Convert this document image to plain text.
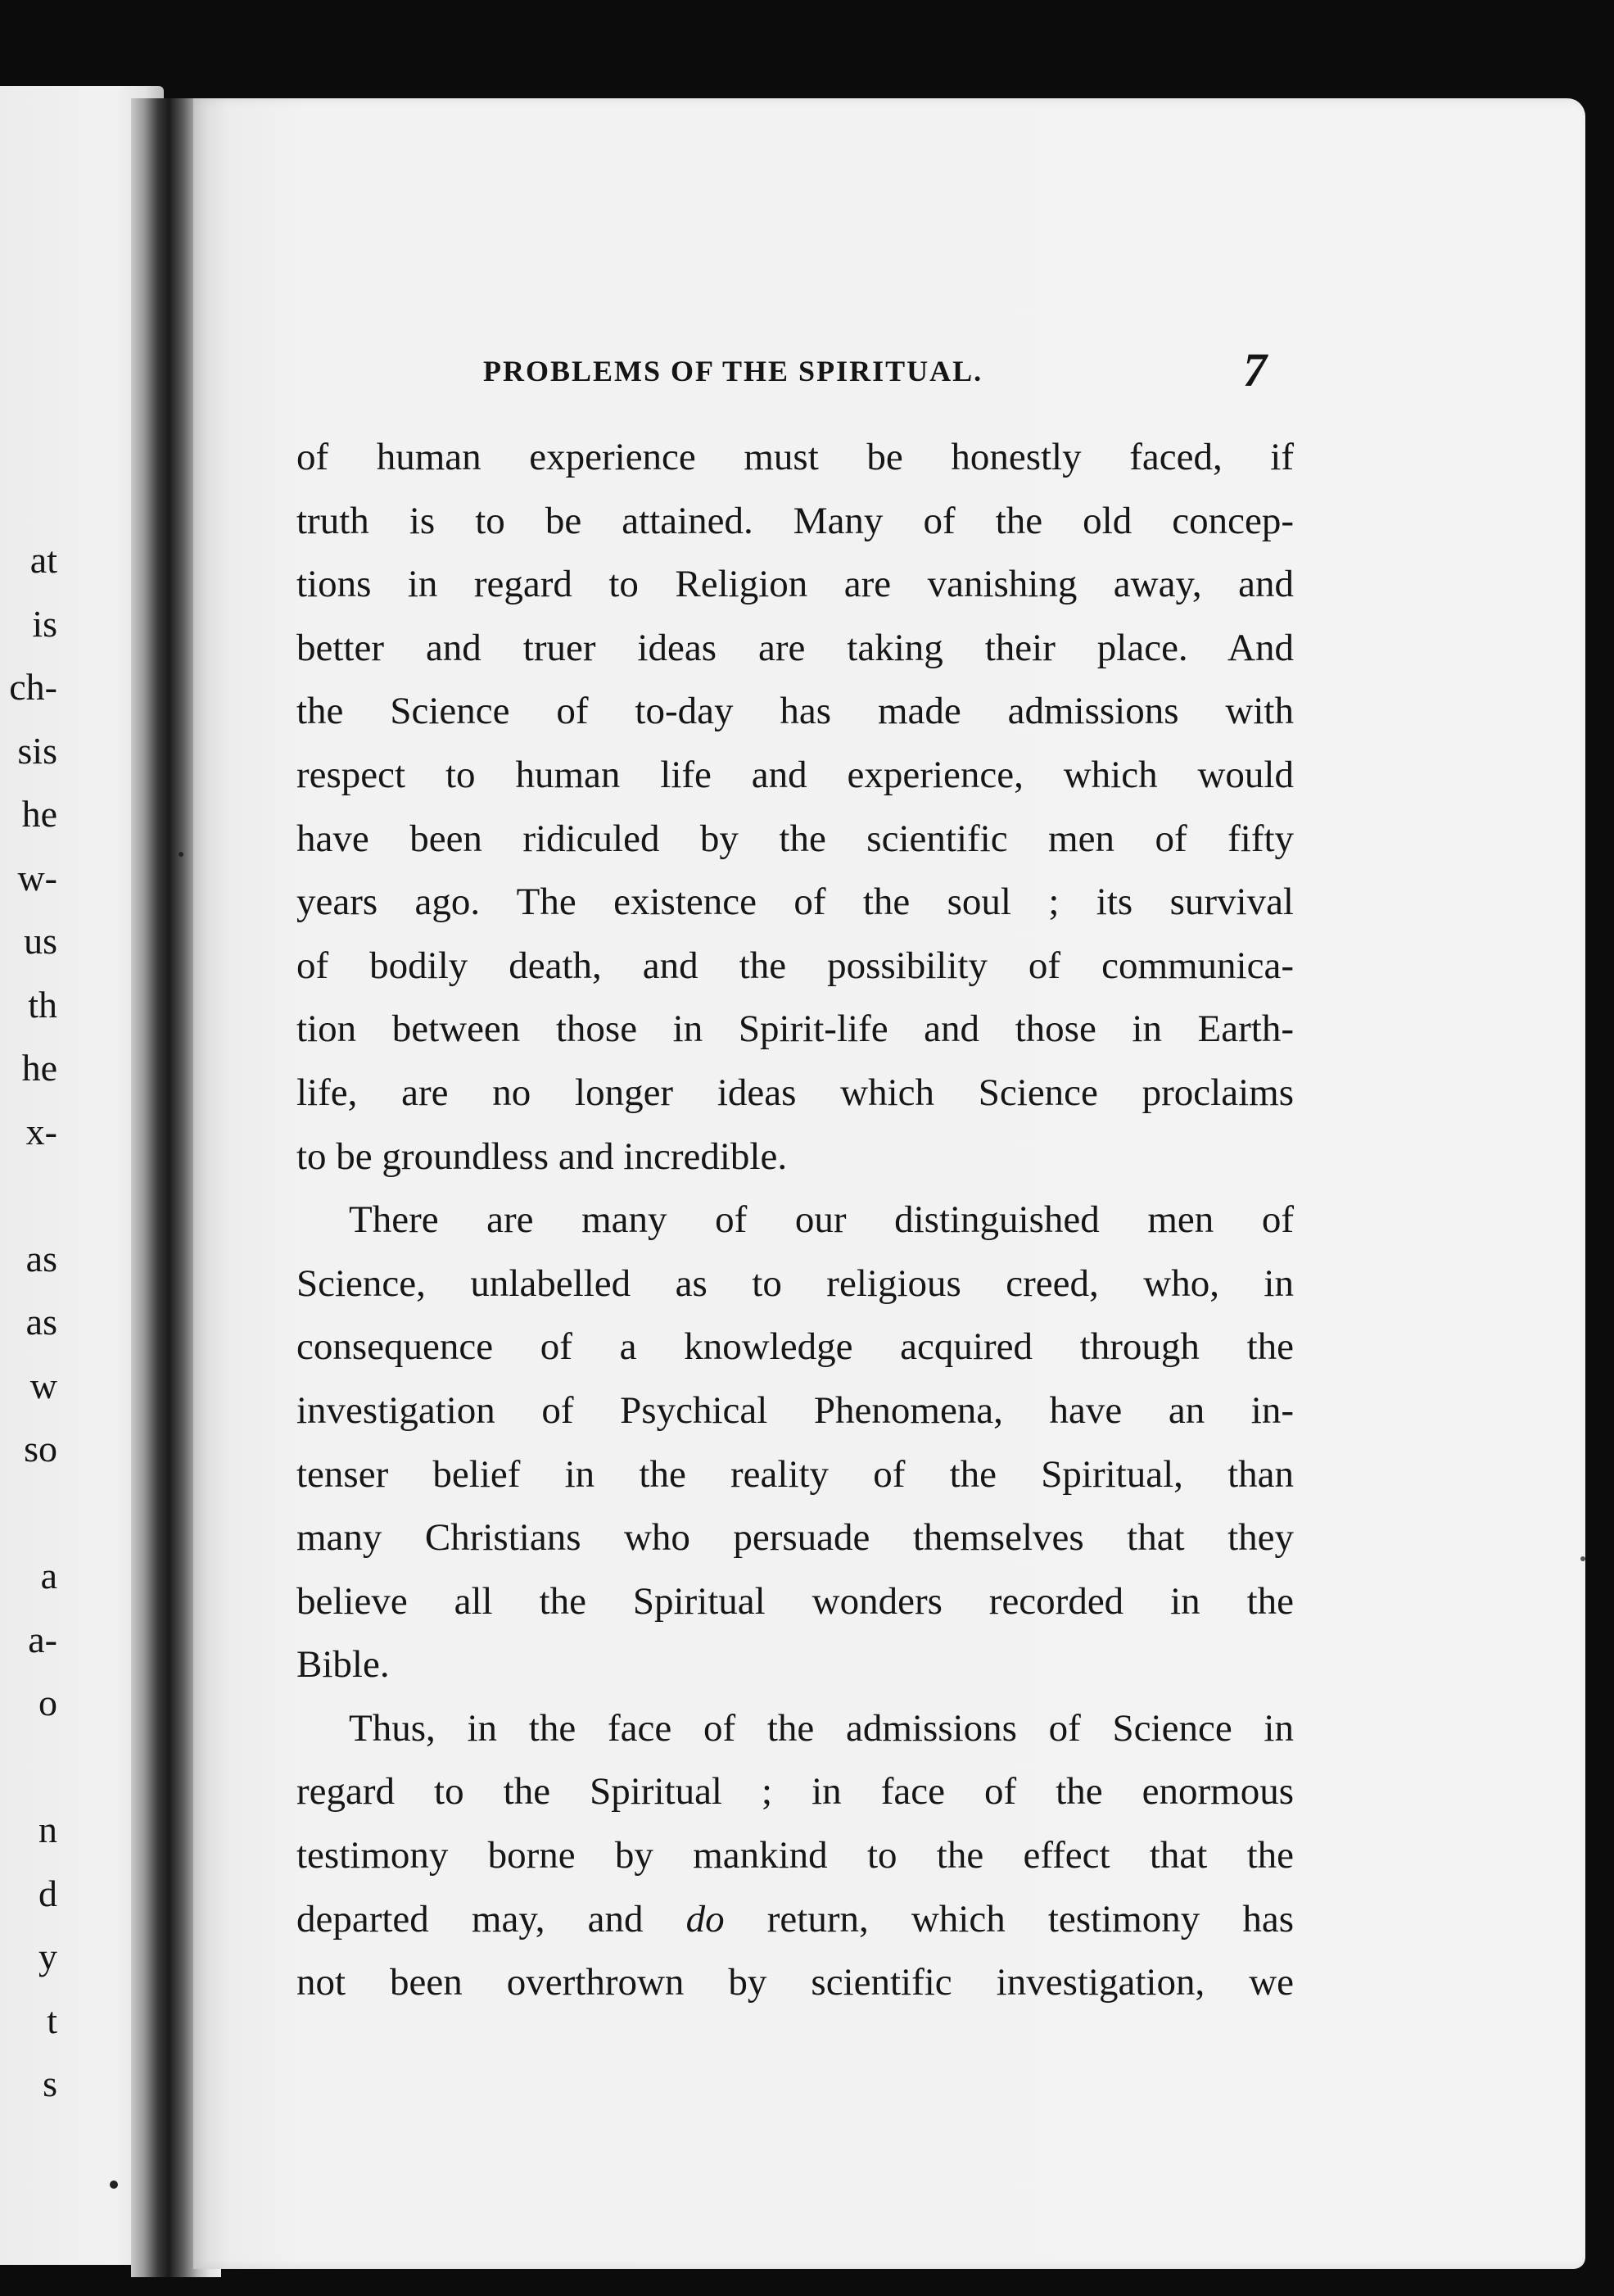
at
is
ch-
sis
he
w-
us
th
he
x-
as
as
w
so
a
a-
o
n
d
y
t
s
PROBLEMS OF THE SPIRITUAL.	7
of human experience must be honestly faced, if
truth is to be attained. Many of the old concep-
tions in regard to Religion are vanishing away, and
better and truer ideas are taking their place. And
the Science of to-day has made admissions with
respect to human life and experience, which would
have been ridiculed by the scientific men of fifty
years ago. The existence of the soul ; its survival
of bodily death, and the possibility of communica-
tion between those in Spirit-life and those in Earth-
life, are no longer ideas which Science proclaims
to be groundless and incredible.
There are many of our distinguished men of
Science, unlabelled as to religious creed, who, in
consequence of a knowledge acquired through the
investigation of Psychical Phenomena, have an in-
tenser belief in the reality of the Spiritual, than
many Christians who persuade themselves that they
believe all the Spiritual wonders recorded in the
Bible.
Thus, in the face of the admissions of Science in
regard to the Spiritual ; in face of the enormous
testimony borne by mankind to the effect that the
departed may, and do return, which testimony has
not been overthrown by scientific investigation, we
